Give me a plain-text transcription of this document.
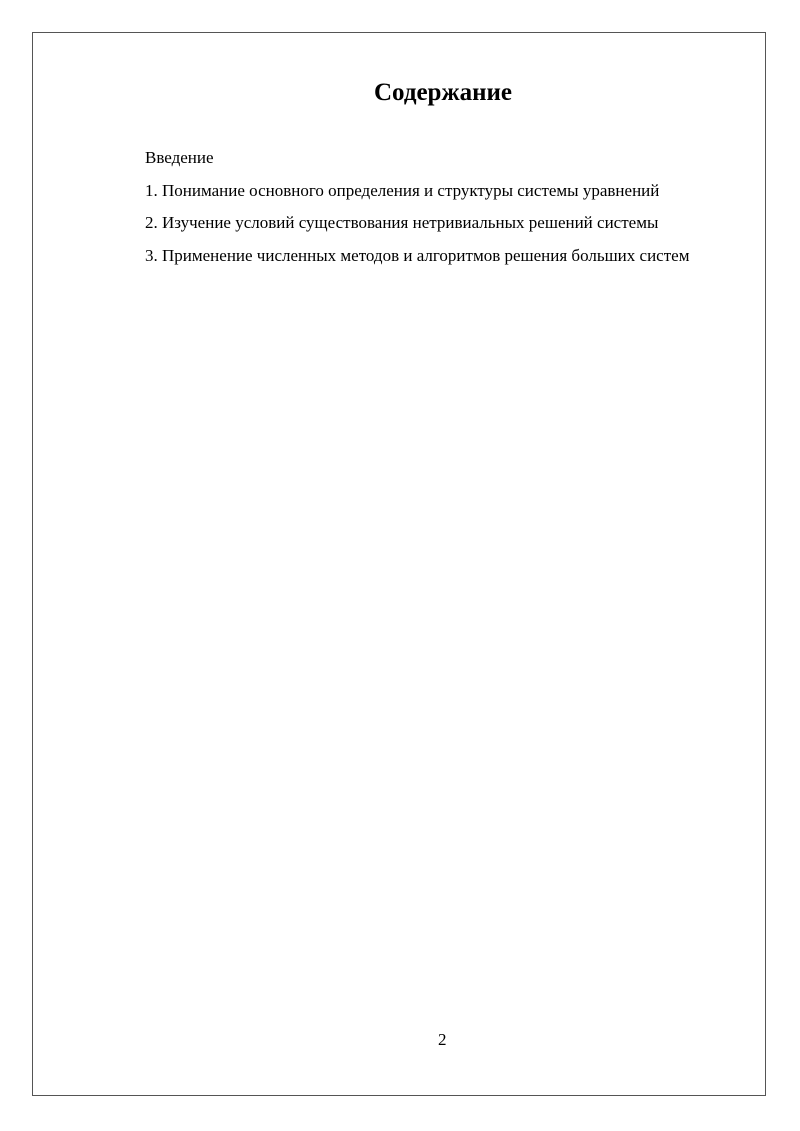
Содержание
Введение
1. Понимание основного определения и структуры системы уравнений
2. Изучение условий существования нетривиальных решений системы
3. Применение численных методов и алгоритмов решения больших систем
2
